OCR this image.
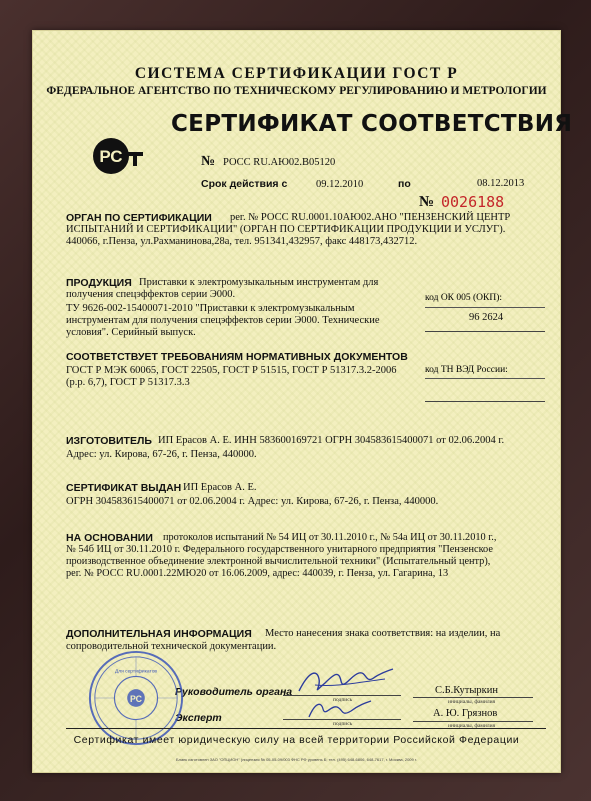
СИСТЕМА СЕРТИФИКАЦИИ ГОСТ Р
ФЕДЕРАЛЬНОЕ АГЕНТСТВО ПО ТЕХНИЧЕСКОМУ РЕГУЛИРОВАНИЮ И МЕТРОЛОГИИ
РС
СЕРТИФИКАТ СООТВЕТСТВИЯ
№ РОСС RU.АЮ02.В05120
Срок действия с	09.12.2010	по	08.12.2013
№ 0026188
ОРГАН ПО СЕРТИФИКАЦИИ рег. № РОСС RU.0001.10АЮ02.АНО "ПЕНЗЕНСКИЙ ЦЕНТР
ИСПЫТАНИЙ И СЕРТИФИКАЦИИ" (ОРГАН ПО СЕРТИФИКАЦИИ ПРОДУКЦИИ И УСЛУГ).
440066, г.Пенза, ул.Рахманинова,28а, тел. 951341,432957, факс 448173,432712.
ПРОДУКЦИЯ Приставки к электромузыкальным инструментам для
получения спецэффектов серии Э000.
ТУ 9626-002-15400071-2010 "Приставки к электромузыкальным
инструментам для получения спецэффектов серии Э000. Технические
условия". Серийный выпуск.
код ОК 005 (ОКП):
96 2624
СООТВЕТСТВУЕТ ТРЕБОВАНИЯМ НОРМАТИВНЫХ ДОКУМЕНТОВ
ГОСТ Р МЭК 60065, ГОСТ 22505, ГОСТ Р 51515, ГОСТ Р 51317.3.2-2006
(р.р. 6,7), ГОСТ Р 51317.3.3
код ТН ВЭД России:
ИЗГОТОВИТЕЛЬ ИП Ерасов А. Е. ИНН 583600169721 ОГРН 304583615400071 от 02.06.2004 г.
Адрес: ул. Кирова, 67-26, г. Пенза, 440000.
СЕРТИФИКАТ ВЫДАН ИП Ерасов А. Е.
ОГРН 304583615400071 от 02.06.2004 г. Адрес: ул. Кирова, 67-26, г. Пенза, 440000.
НА ОСНОВАНИИ протоколов испытаний № 54 ИЦ от 30.11.2010 г., № 54а ИЦ от 30.11.2010 г.,
№ 54б ИЦ от 30.11.2010 г. Федерального государственного унитарного предприятия "Пензенское
производственное объединение электронной вычислительной техники" (Испытательный центр),
рег. № РОСС RU.0001.22МЮ20 от 16.06.2009, адрес: 440039, г. Пенза, ул. Гагарина, 13
ДОПОЛНИТЕЛЬНАЯ ИНФОРМАЦИЯ Место нанесения знака соответствия: на изделии, на
сопроводительной технической документации.
Руководитель органа
подпись
С.Б.Кутыркин
инициалы, фамилия
Эксперт	подпись
А. Ю. Грязнов
инициалы, фамилия
РС
Для сертификатов
Сертификат имеет юридическую силу на всей территории Российской Федерации
Бланк изготовлен ЗАО "ОПЦИОН" (лицензия № 05-05-09/003 ФНС РФ уровень Б; тел. (495) 648-6806, 648-7617, г. Москва, 2009 г.
